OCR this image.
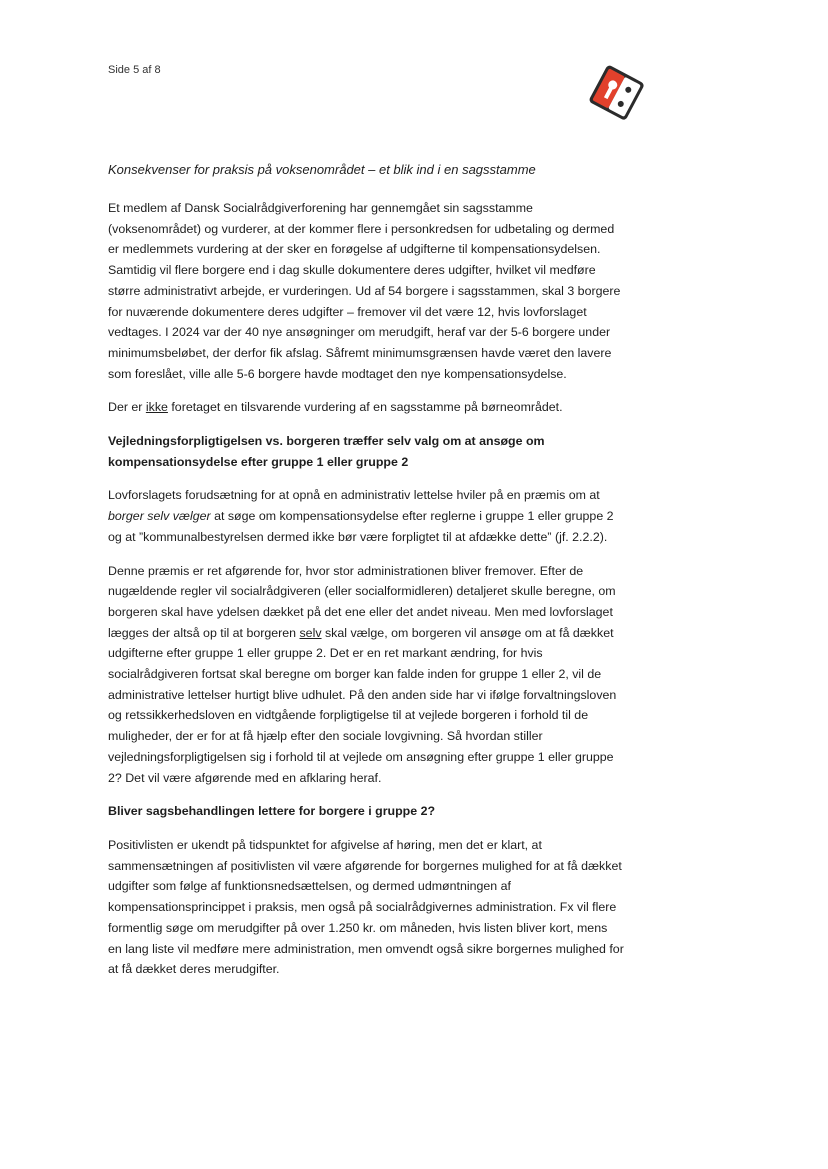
Side 5 af 8
Konsekvenser for praksis på voksenområdet – et blik ind i en sagsstamme

Et medlem af Dansk Socialrådgiverforening har gennemgået sin sagsstamme (voksenområdet) og vurderer, at der kommer flere i personkredsen for udbetaling og dermed er medlemmets vurdering at der sker en forøgelse af udgifterne til kompensationsydelsen. Samtidig vil flere borgere end i dag skulle dokumentere deres udgifter, hvilket vil medføre større administrativt arbejde, er vurderingen. Ud af 54 borgere i sagsstammen, skal 3 borgere for nuværende dokumentere deres udgifter – fremover vil det være 12, hvis lovforslaget vedtages. I 2024 var der 40 nye ansøgninger om merudgift, heraf var der 5-6 borgere under minimumsbeløbet, der derfor fik afslag. Såfremt minimumsgrænsen havde været den lavere som foreslået, ville alle 5-6 borgere havde modtaget den nye kompensationsydelse.

Der er ikke foretaget en tilsvarende vurdering af en sagsstamme på børneområdet.

Vejledningsforpligtigelsen vs. borgeren træffer selv valg om at ansøge om kompensationsydelse efter gruppe 1 eller gruppe 2

Lovforslagets forudsætning for at opnå en administrativ lettelse hviler på en præmis om at borger selv vælger at søge om kompensationsydelse efter reglerne i gruppe 1 eller gruppe 2 og at ”kommunalbestyrelsen dermed ikke bør være forpligtet til at afdække dette” (jf. 2.2.2).

Denne præmis er ret afgørende for, hvor stor administrationen bliver fremover. Efter de nugældende regler vil socialrådgiveren (eller socialformidleren) detaljeret skulle beregne, om borgeren skal have ydelsen dækket på det ene eller det andet niveau. Men med lovforslaget lægges der altså op til at borgeren selv skal vælge, om borgeren vil ansøge om at få dækket udgifterne efter gruppe 1 eller gruppe 2. Det er en ret markant ændring, for hvis socialrådgiveren fortsat skal beregne om borger kan falde inden for gruppe 1 eller 2, vil de administrative lettelser hurtigt blive udhulet. På den anden side har vi ifølge forvaltningsloven og retssikkerhedsloven en vidtgående forpligtigelse til at vejlede borgeren i forhold til de muligheder, der er for at få hjælp efter den sociale lovgivning. Så hvordan stiller vejledningsforpligtigelsen sig i forhold til at vejlede om ansøgning efter gruppe 1 eller gruppe 2? Det vil være afgørende med en afklaring heraf.

Bliver sagsbehandlingen lettere for borgere i gruppe 2?

Positivlisten er ukendt på tidspunktet for afgivelse af høring, men det er klart, at sammensætningen af positivlisten vil være afgørende for borgernes mulighed for at få dækket udgifter som følge af funktionsnedsættelsen, og dermed udmøntningen af kompensationsprincippet i praksis, men også på socialrådgivernes administration. Fx vil flere formentlig søge om merudgifter på over 1.250 kr. om måneden, hvis listen bliver kort, mens en lang liste vil medføre mere administration, men omvendt også sikre borgernes mulighed for at få dækket deres merudgifter.
